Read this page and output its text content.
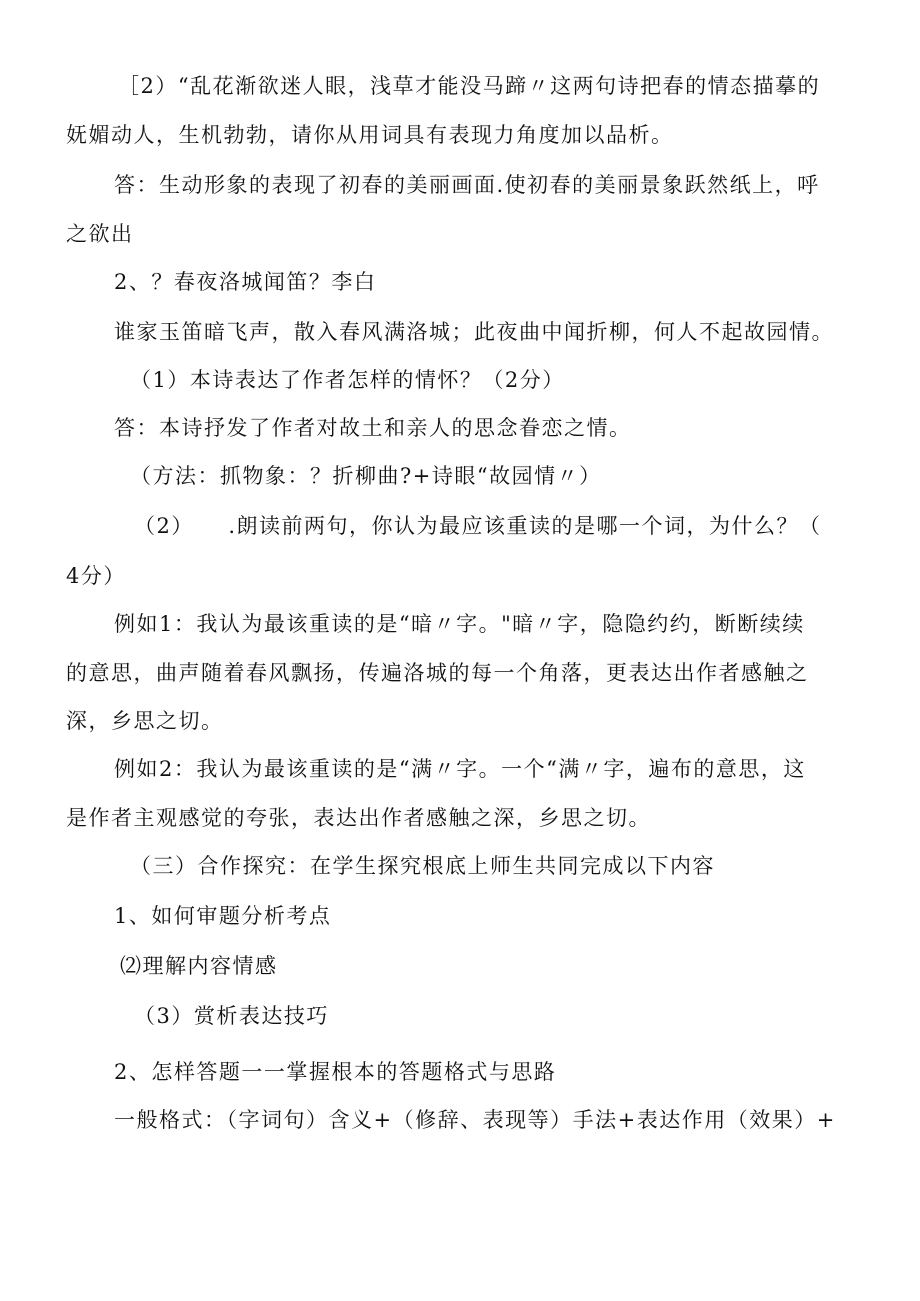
［2）“乱花渐欲迷人眼，浅草才能没马蹄〃这两句诗把春的情态描摹的
妩媚动人，生机勃勃，请你从用词具有表现力角度加以品析。
答：生动形象的表现了初春的美丽画面.使初春的美丽景象跃然纸上，呼
之欲出
2、？春夜洛城闻笛？李白
谁家玉笛暗飞声，散入春风满洛城；此夜曲中闻折柳，何人不起故园情。
（1）本诗表达了作者怎样的情怀？（2分）
答：本诗抒发了作者对故土和亲人的思念眷恋之情。
（方法：抓物象：？折柳曲?+诗眼“故园情〃）
（2）　　.朗读前两句，你认为最应该重读的是哪一个词，为什么？（
4分）
例如1：我认为最该重读的是“暗〃字。"暗〃字，隐隐约约，断断续续
的意思，曲声随着春风飘扬，传遍洛城的每一个角落，更表达出作者感触之
深，乡思之切。
例如2：我认为最该重读的是“满〃字。一个“满〃字，遍布的意思，这
是作者主观感觉的夸张，表达出作者感触之深，乡思之切。
（三）合作探究：在学生探究根底上师生共同完成以下内容
1、如何审题分析考点
⑵理解内容情感
（3）赏析表达技巧
2、怎样答题一一掌握根本的答题格式与思路
一般格式：（字词句）含义+（修辞、表现等）手法+表达作用（效果）+
